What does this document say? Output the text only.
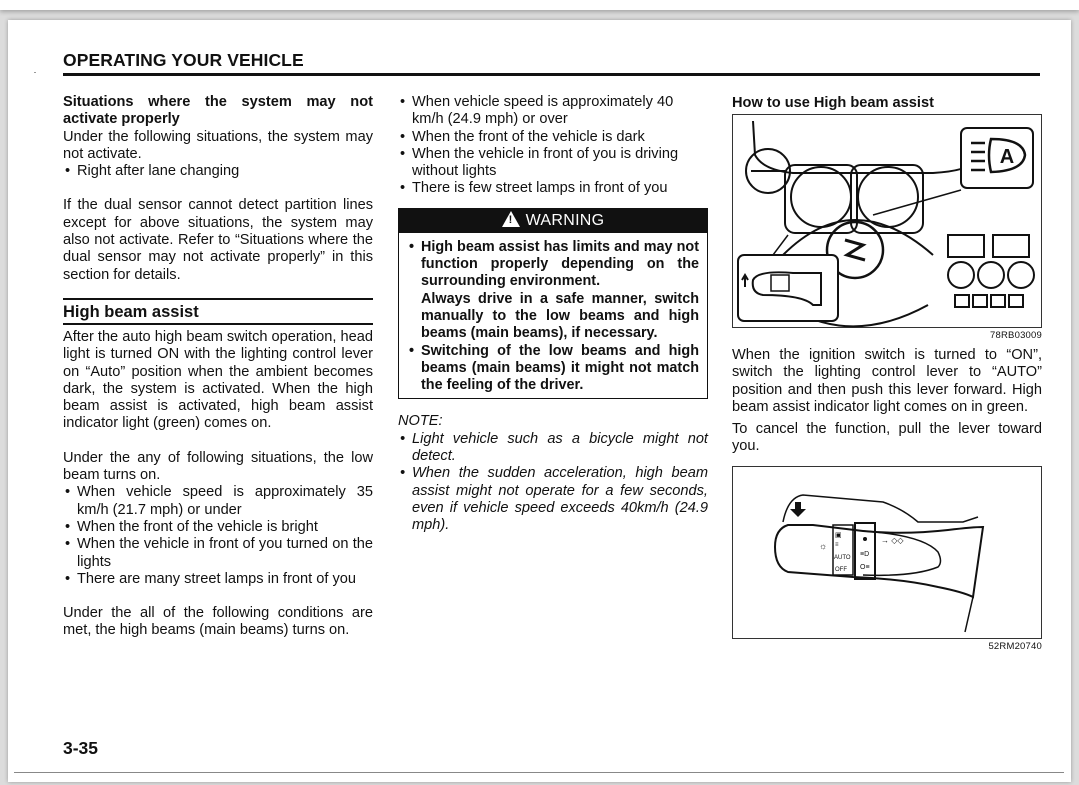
OPERATING YOUR VEHICLE
Situations where the system may not activate properly
Under the following situations, the system may not activate.
• Right after lane changing
If the dual sensor cannot detect partition lines except for above situations, the system may also not activate. Refer to “Situations where the dual sensor may not activate properly” in this section for details.
High beam assist
After the auto high beam switch operation, head light is turned ON with the lighting control lever on “Auto” position when the ambient becomes dark, the system is activated. When the high beam assist is activated, high beam assist indicator light (green) comes on.
Under the any of following situations, the low beam turns on.
• When vehicle speed is approximately 35 km/h (21.7 mph) or under
• When the front of the vehicle is bright
• When the vehicle in front of you turned on the lights
• There are many street lamps in front of you
Under the all of the following conditions are met, the high beams (main beams) turns on.
• When vehicle speed is approximately 40 km/h (24.9 mph) or over
• When the front of the vehicle is dark
• When the vehicle in front of you is driving without lights
• There is few street lamps in front of you
! WARNING
• High beam assist has limits and may not function properly depending on the surrounding environment.
Always drive in a safe manner, switch manually to the low beams and high beams (main beams), if necessary.
• Switching of the low beams and high beams (main beams) it might not match the feeling of the driver.
NOTE:
• Light vehicle such as a bicycle might not detect.
• When the sudden acceleration, high beam assist might not operate for a few seconds, even if vehicle speed exceeds 40km/h (24.9 mph).
How to use High beam assist
A
78RB03009
When the ignition switch is turned to “ON”, switch the lighting control lever to “AUTO” position and then push this lever forward. High beam assist indicator light comes on in green.
To cancel the function, pull the lever toward you.
☼
▣
≡
AUTO
OFF
≡D
O≡
→ ◇◇
52RM20740
3-35
